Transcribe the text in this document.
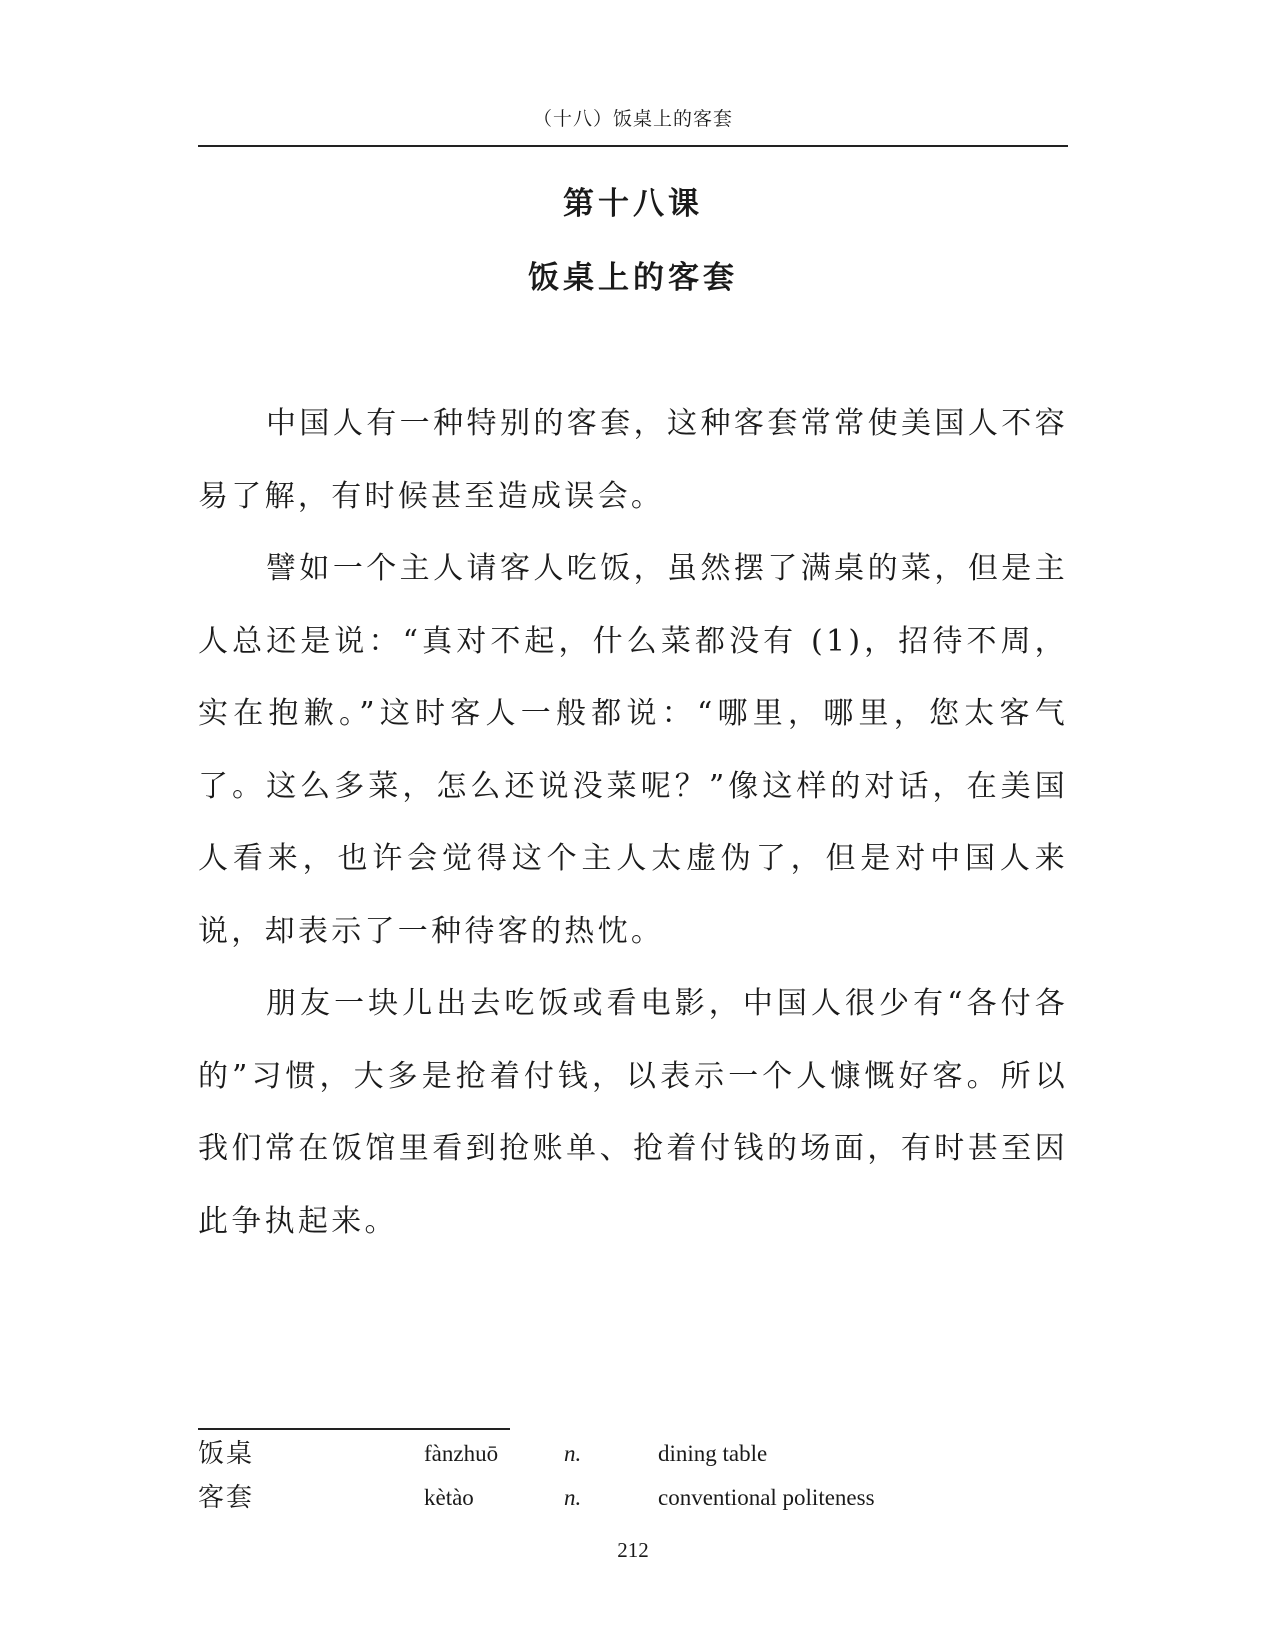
（十八）饭桌上的客套
第十八课
饭桌上的客套

中国人有一种特别的客套，这种客套常常使美国人不容易了解，有时候甚至造成误会。

譬如一个主人请客人吃饭，虽然摆了满桌的菜，但是主人总还是说：“真对不起，什么菜都没有 (1)，招待不周，实在抱歉。”这时客人一般都说：“哪里，哪里，您太客气了。这么多菜，怎么还说没菜呢？”像这样的对话，在美国人看来，也许会觉得这个主人太虚伪了，但是对中国人来说，却表示了一种待客的热忱。

朋友一块儿出去吃饭或看电影，中国人很少有“各付各的”习惯，大多是抢着付钱，以表示一个人慷慨好客。所以我们常在饭馆里看到抢账单、抢着付钱的场面，有时甚至因此争执起来。

饭桌	fànzhuō	n.	dining table
客套	kètào	n.	conventional politeness
212
